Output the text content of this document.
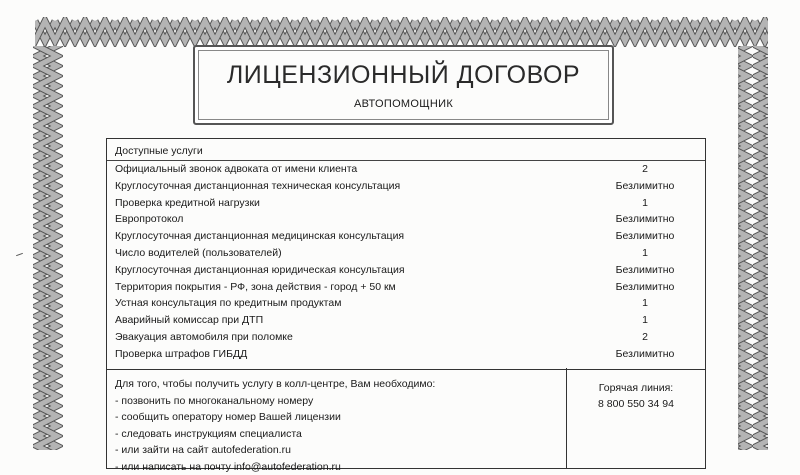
ЛИЦЕНЗИОННЫЙ ДОГОВОР
АВТОПОМОЩНИК
Доступные услуги
Официальный звонок адвоката от имени клиента	2
Круглосуточная дистанционная техническая консультация	Безлимитно
Проверка кредитной нагрузки	1
Европротокол	Безлимитно
Круглосуточная дистанционная медицинская консультация	Безлимитно
Число водителей (пользователей)	1
Круглосуточная дистанционная юридическая консультация	Безлимитно
Территория покрытия - РФ, зона действия - город + 50 км	Безлимитно
Устная консультация по кредитным продуктам	1
Аварийный комиссар при ДТП	1
Эвакуация автомобиля при поломке	2
Проверка штрафов ГИБДД	Безлимитно
Для того, чтобы получить услугу в колл-центре, Вам необходимо:
- позвонить по многоканальному номеру
- сообщить оператору номер Вашей лицензии
- следовать инструкциям специалиста
- или зайти на сайт autofederation.ru
- или написать на почту info@autofederation.ru
Горячая линия:
8 800 550 34 94
